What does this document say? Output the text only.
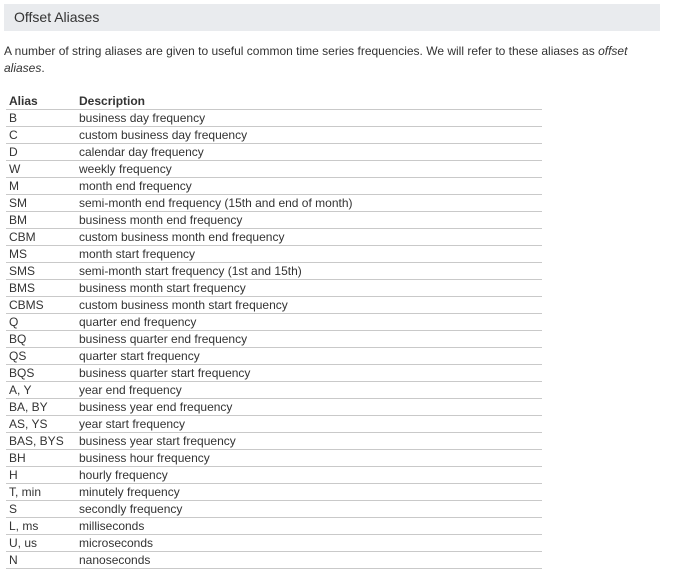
Offset Aliases

A number of string aliases are given to useful common time series frequencies. We will refer to these aliases as offset aliases.

Alias	Description
B	business day frequency
C	custom business day frequency
D	calendar day frequency
W	weekly frequency
M	month end frequency
SM	semi-month end frequency (15th and end of month)
BM	business month end frequency
CBM	custom business month end frequency
MS	month start frequency
SMS	semi-month start frequency (1st and 15th)
BMS	business month start frequency
CBMS	custom business month start frequency
Q	quarter end frequency
BQ	business quarter end frequency
QS	quarter start frequency
BQS	business quarter start frequency
A, Y	year end frequency
BA, BY	business year end frequency
AS, YS	year start frequency
BAS, BYS	business year start frequency
BH	business hour frequency
H	hourly frequency
T, min	minutely frequency
S	secondly frequency
L, ms	milliseconds
U, us	microseconds
N	nanoseconds
